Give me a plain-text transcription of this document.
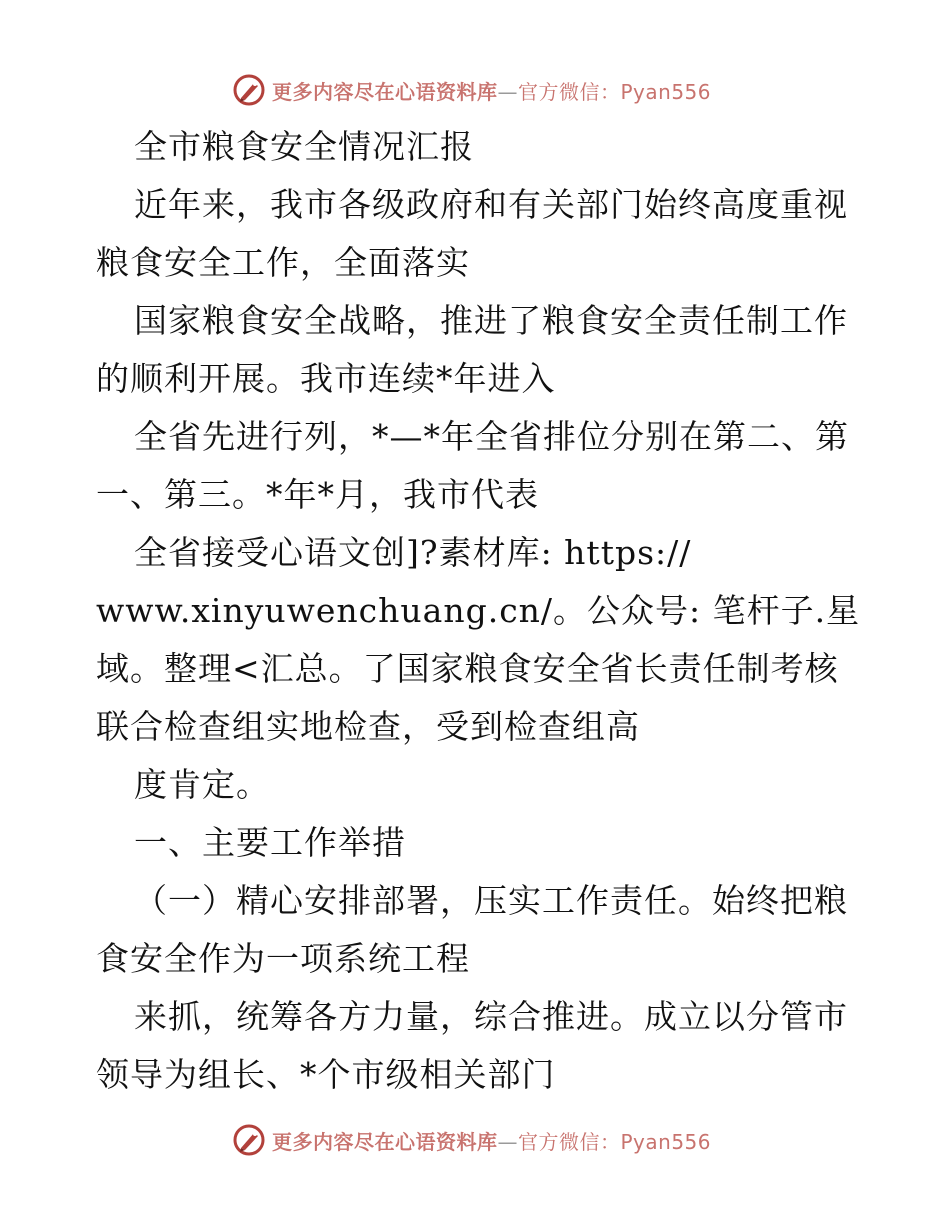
更多内容尽在心语资料库—官方微信：Pyan556
全市粮食安全情况汇报
近年来，我市各级政府和有关部门始终高度重视
粮食安全工作，全面落实
国家粮食安全战略，推进了粮食安全责任制工作
的顺利开展。我市连续*年进入
全省先进行列，*—*年全省排位分别在第二、第
一、第三。*年*月，我市代表
全省接受心语文创]?素材库: https://
www.xinyuwenchuang.cn/。公众号: 笔杆子.星
域。整理<汇总。了国家粮食安全省长责任制考核
联合检查组实地检查，受到检查组高
度肯定。
一、主要工作举措
（一）精心安排部署，压实工作责任。始终把粮
食安全作为一项系统工程
来抓，统筹各方力量，综合推进。成立以分管市
领导为组长、*个市级相关部门
更多内容尽在心语资料库—官方微信：Pyan556
